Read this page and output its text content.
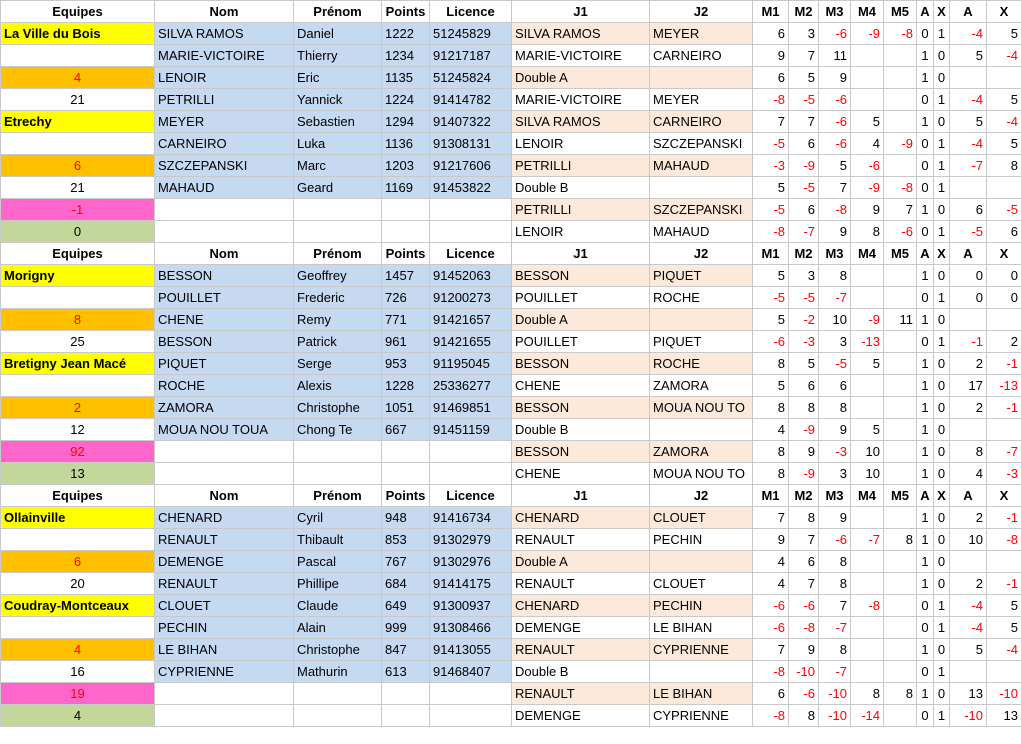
Equipes	Nom	Prénom	Points	Licence	J1	J2	M1	M2	M3	M4	M5	A	X	A	X
La Ville du Bois	SILVA RAMOS	Daniel	1222	51245829	SILVA RAMOS	MEYER	6	3	-6	-9	-8	0	1	-4	5
	MARIE-VICTOIRE	Thierry	1234	91217187	MARIE-VICTOIRE	CARNEIRO	9	7	11			1	0	5	-4
4	LENOIR	Eric	1135	51245824	Double A		6	5	9			1	0		
21	PETRILLI	Yannick	1224	91414782	MARIE-VICTOIRE	MEYER	-8	-5	-6			0	1	-4	5
Etrechy	MEYER	Sebastien	1294	91407322	SILVA RAMOS	CARNEIRO	7	7	-6	5		1	0	5	-4
	CARNEIRO	Luka	1136	91308131	LENOIR	SZCZEPANSKI	-5	6	-6	4	-9	0	1	-4	5
6	SZCZEPANSKI	Marc	1203	91217606	PETRILLI	MAHAUD	-3	-9	5	-6		0	1	-7	8
21	MAHAUD	Geard	1169	91453822	Double B		5	-5	7	-9	-8	0	1		
-1					PETRILLI	SZCZEPANSKI	-5	6	-8	9	7	1	0	6	-5
0					LENOIR	MAHAUD	-8	-7	9	8	-6	0	1	-5	6
Equipes	Nom	Prénom	Points	Licence	J1	J2	M1	M2	M3	M4	M5	A	X	A	X
Morigny	BESSON	Geoffrey	1457	91452063	BESSON	PIQUET	5	3	8			1	0	0	0
	POUILLET	Frederic	726	91200273	POUILLET	ROCHE	-5	-5	-7			0	1	0	0
8	CHENE	Remy	771	91421657	Double A		5	-2	10	-9	11	1	0		
25	BESSON	Patrick	961	91421655	POUILLET	PIQUET	-6	-3	3	-13		0	1	-1	2
Bretigny Jean Macé	PIQUET	Serge	953	91195045	BESSON	ROCHE	8	5	-5	5		1	0	2	-1
	ROCHE	Alexis	1228	25336277	CHENE	ZAMORA	5	6	6			1	0	17	-13
2	ZAMORA	Christophe	1051	91469851	BESSON	MOUA NOU TO	8	8	8			1	0	2	-1
12	MOUA NOU TOUA	Chong Te	667	91451159	Double B		4	-9	9	5		1	0		
92					BESSON	ZAMORA	8	9	-3	10		1	0	8	-7
13					CHENE	MOUA NOU TO	8	-9	3	10		1	0	4	-3
Equipes	Nom	Prénom	Points	Licence	J1	J2	M1	M2	M3	M4	M5	A	X	A	X
Ollainville	CHENARD	Cyril	948	91416734	CHENARD	CLOUET	7	8	9			1	0	2	-1
	RENAULT	Thibault	853	91302979	RENAULT	PECHIN	9	7	-6	-7	8	1	0	10	-8
6	DEMENGE	Pascal	767	91302976	Double A		4	6	8			1	0		
20	RENAULT	Phillipe	684	91414175	RENAULT	CLOUET	4	7	8			1	0	2	-1
Coudray-Montceaux	CLOUET	Claude	649	91300937	CHENARD	PECHIN	-6	-6	7	-8		0	1	-4	5
	PECHIN	Alain	999	91308466	DEMENGE	LE BIHAN	-6	-8	-7			0	1	-4	5
4	LE BIHAN	Christophe	847	91413055	RENAULT	CYPRIENNE	7	9	8			1	0	5	-4
16	CYPRIENNE	Mathurin	613	91468407	Double B		-8	-10	-7			0	1		
19					RENAULT	LE BIHAN	6	-6	-10	8	8	1	0	13	-10
4					DEMENGE	CYPRIENNE	-8	8	-10	-14		0	1	-10	13
